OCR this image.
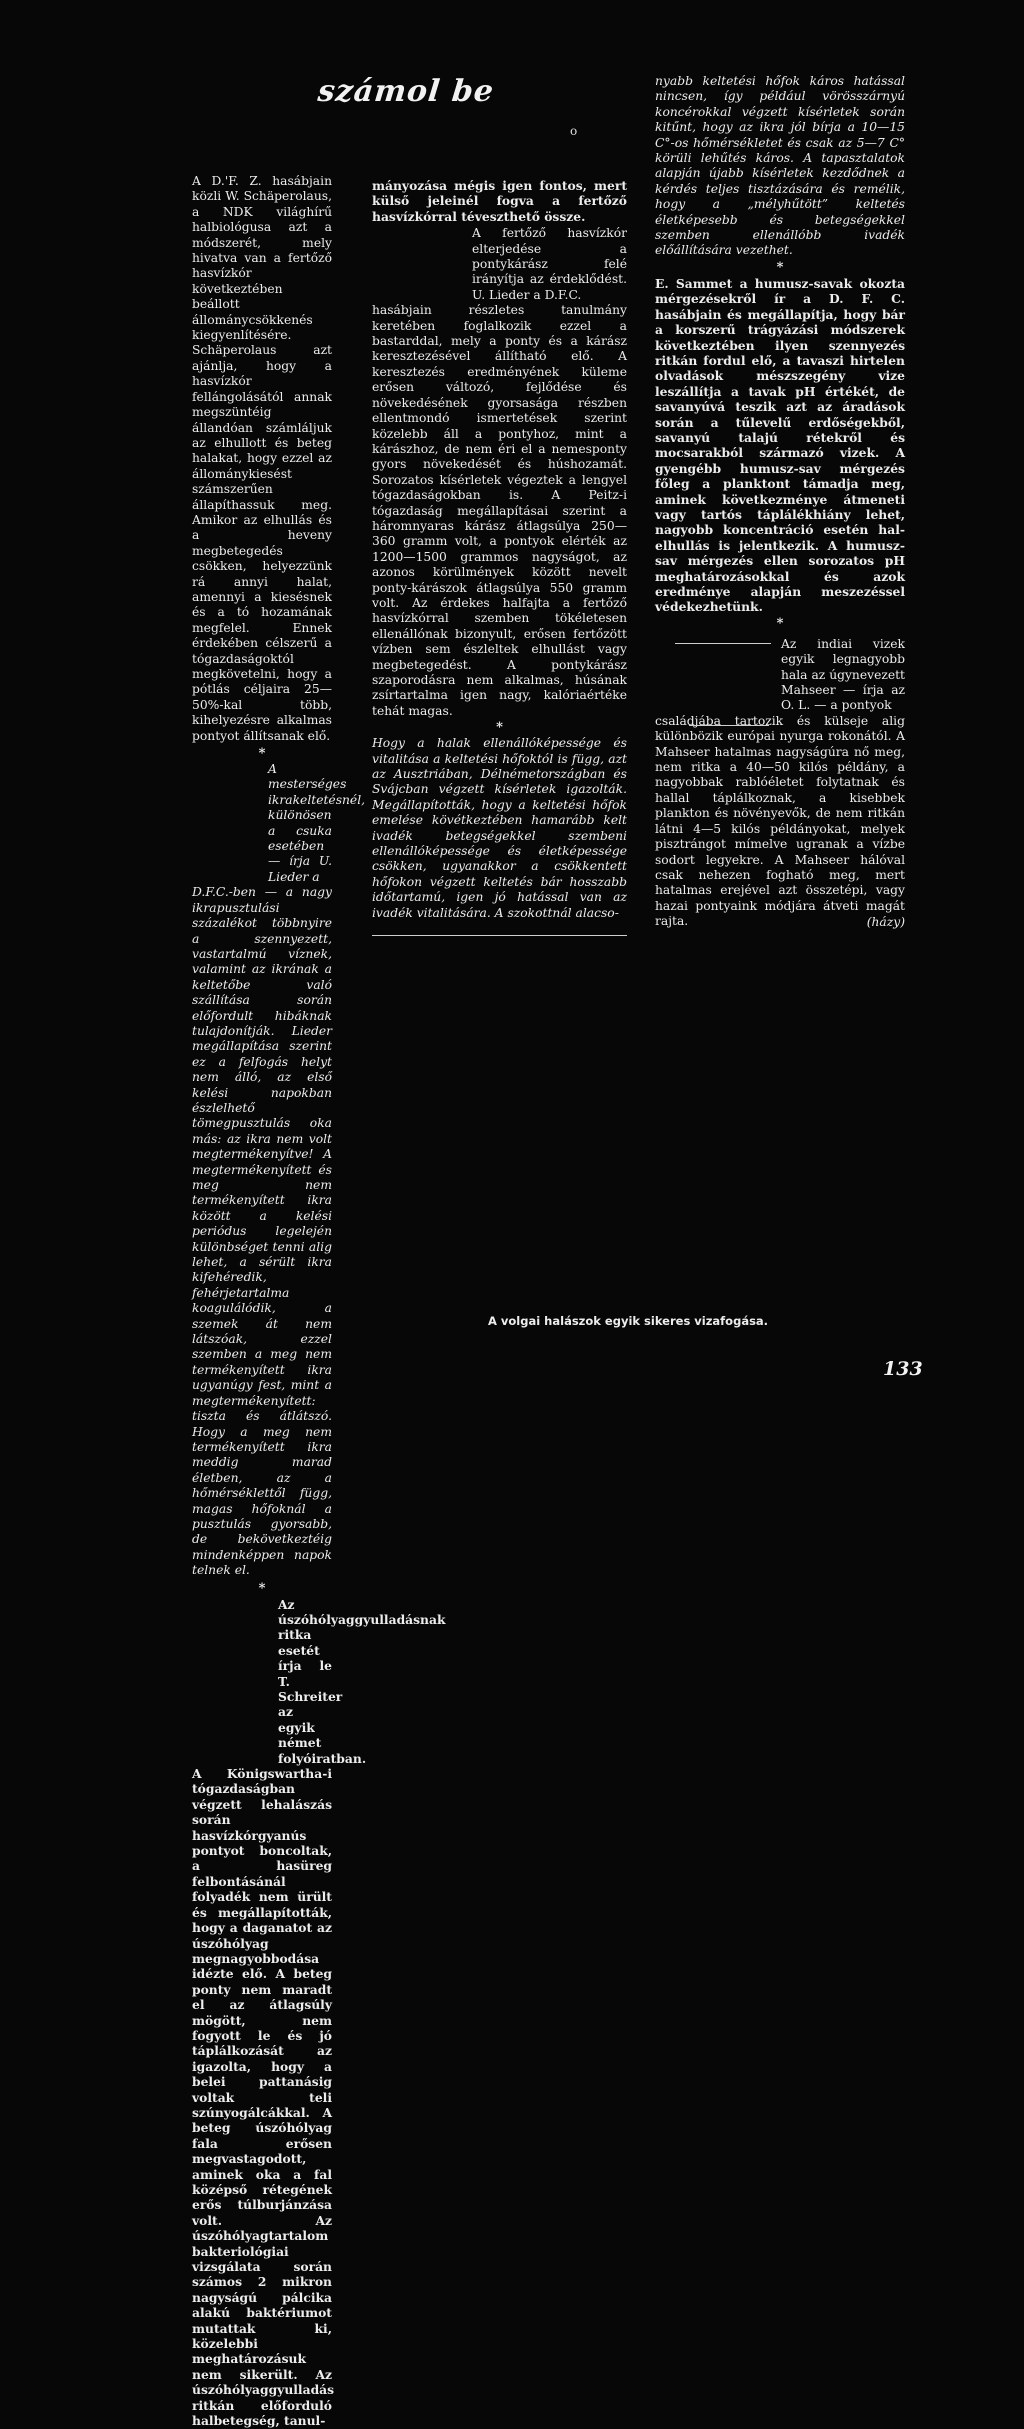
számol be
o

A D.'F. Z. hasábjain közli W. Schäperolaus, a NDK világhírű halbiológusa azt a módszerét, mely hivatva van a fertőző hasvízkór következtében beállott állománycsökkenés kiegyenlítésére. Schäperolaus azt ajánlja, hogy a hasvízkór fellángolásától annak megszüntéig állandóan számláljuk az elhullott és beteg halakat, hogy ezzel az állománykiesést számszerűen állapíthassuk meg. Amikor az elhullás és a heveny megbetegedés csökken, helyezzünk rá annyi halat, amennyi a kiesésnek és a tó hozamának megfelel. Ennek érdekében célszerű a tógazdaságoktól megkövetelni, hogy a pótlás céljaira 25—50%-kal több, kihelyezésre alkalmas pontyot állítsanak elő.

*

A mesterséges ikrakeltetésnél, különösen a csuka esetében — írja U. Lieder a

D.F.C.-ben — a nagy ikrapusztulási százalékot többnyire a szennyezett, vastartalmú víznek, valamint az ikrának a keltetőbe való szállítása során előfordult hibáknak tulajdonítják. Lieder megállapítása szerint ez a felfogás helyt nem álló, az első kelési napokban észlelhető tömegpusztulás oka más: az ikra nem volt megtermékenyítve! A megtermékenyített és meg nem termékenyített ikra között a kelési periódus legelején különbséget tenni alig lehet, a sérült ikra kifehéredik, fehérjetartalma koagulálódik, a szemek át nem látszóak, ezzel szemben a meg nem termékenyített ikra ugyanúgy fest, mint a megtermékenyített: tiszta és átlátszó. Hogy a meg nem termékenyített ikra meddig marad életben, az a hőmérséklettől függ, magas hőfoknál a pusztulás gyorsabb, de bekövetkeztéig mindenképpen napok telnek el.

*

Az úszóhólyaggyulladásnak ritka esetét írja le T. Schreiter az egyik német folyóiratban.

A Königswartha-i tógazdaságban végzett lehalászás során hasvízkórgyanús pontyot boncoltak, a hasüreg felbontásánál folyadék nem ürült és megállapították, hogy a daganatot az úszóhólyag megnagyobbodása idézte elő. A beteg ponty nem maradt el az átlagsúly mögött, nem fogyott le és jó táplálkozását az igazolta, hogy a belei pattanásig voltak teli szúnyogálcákkal. A beteg úszóhólyag fala erősen megvastagodott, aminek oka a fal középső rétegének erős túlburjánzása volt. Az úszóhólyagtartalom bakteriológiai vizsgálata során számos 2 mikron nagyságú pálcika alakú baktériumot mutattak ki, közelebbi meghatározásuk nem sikerült. Az úszóhólyaggyulladás ritkán előforduló halbetegség, tanul-

mányozása mégis igen fontos, mert külső jeleinél fogva a fertőző hasvízkórral téveszthető össze.

A fertőző hasvízkór elterjedése a pontykárász felé irányítja az érdeklődést. U. Lieder a D.F.C.

hasábjain részletes tanulmány keretében foglalkozik ezzel a bastarddal, mely a ponty és a kárász keresztezésével állítható elő. A keresztezés eredményének küleme erősen változó, fejlődése és növekedésének gyorsasága részben ellentmondó ismertetések szerint közelebb áll a pontyhoz, mint a kárászhoz, de nem éri el a nemesponty gyors növekedését és húshozamát. Sorozatos kísérletek végeztek a lengyel tógazdaságokban is. A Peitz-i tógazdaság megállapításai szerint a háromnyaras kárász átlagsúlya 250—360 gramm volt, a pontyok elérték az 1200—1500 grammos nagyságot, az azonos körülmények között nevelt ponty-kárászok átlagsúlya 550 gramm volt. Az érdekes halfajta a fertőző hasvízkórral szemben tökéletesen ellenállónak bizonyult, erősen fertőzött vízben sem észleltek elhullást vagy megbetegedést. A pontykárász szaporodásra nem alkalmas, húsának zsírtartalma igen nagy, kalóriaértéke tehát magas.

*

Hogy a halak ellenállóképessége és vitalitása a keltetési hőfoktól is függ, azt az Ausztriában, Délnémetországban és Svájcban végzett kísérletek igazolták. Megállapították, hogy a keltetési hőfok emelése kövétkeztében hamarább kelt ivadék betegségekkel szembeni ellenállóképessége és életképessége csökken, ugyanakkor a csökkentett hőfokon végzett keltetés bár hosszabb időtartamú, igen jó hatással van az ivadék vitalitására. A szokottnál alacso-

nyabb keltetési hőfok káros hatással nincsen, így például vörösszárnyú koncérokkal végzett kísérletek során kitűnt, hogy az ikra jól bírja a 10—15 C°-os hőmérsékletet és csak az 5—7 C° körüli lehűtés káros. A tapasztalatok alapján újabb kísérletek kezdődnek a kérdés teljes tisztázására és remélik, hogy a „mélyhűtött” keltetés életképesebb és betegségekkel szemben ellenállóbb ivadék előállítására vezethet.

*

E. Sammet a humusz-savak okozta mérgezésekről ír a D. F. C. hasábjain és megállapítja, hogy bár a korszerű trágyázási módszerek következtében ilyen szennyezés ritkán fordul elő, a tavaszi hirtelen olvadások mészszegény vize leszállítja a tavak pH értékét, de savanyúvá teszik azt az áradások során a tűlevelű erdőségekből, savanyú talajú rétekről és mocsarakból származó vizek. A gyengébb humusz-sav mérgezés főleg a planktont támadja meg, aminek következménye átmeneti vagy tartós táplálékhiány lehet, nagyobb koncentráció esetén hal-elhullás is jelentkezik. A humusz-sav mérgezés ellen sorozatos pH meghatározásokkal és azok eredménye alapján meszezéssel védekezhetünk.

*

Az indiai vizek egyik legnagyobb hala az úgynevezett Mahseer — írja az O. L. — a pontyok

családjába tartozik és külseje alig különbözik európai nyurga rokonától. A Mahseer hatalmas nagyságúra nő meg, nem ritka a 40—50 kilós példány, a nagyobbak rablóéletet folytatnak és hallal táplálkoznak, a kisebbek plankton és növényevők, de nem ritkán látni 4—5 kilós példányokat, melyek pisztrángot mímelve ugranak a vízbe sodort legyekre. A Mahseer hálóval csak nehezen fogható meg, mert hatalmas erejével azt összetépi, vagy hazai pontyaink módjára átveti magát rajta.	(házy)
A volgai halászok egyik sikeres vizafogása.
133
